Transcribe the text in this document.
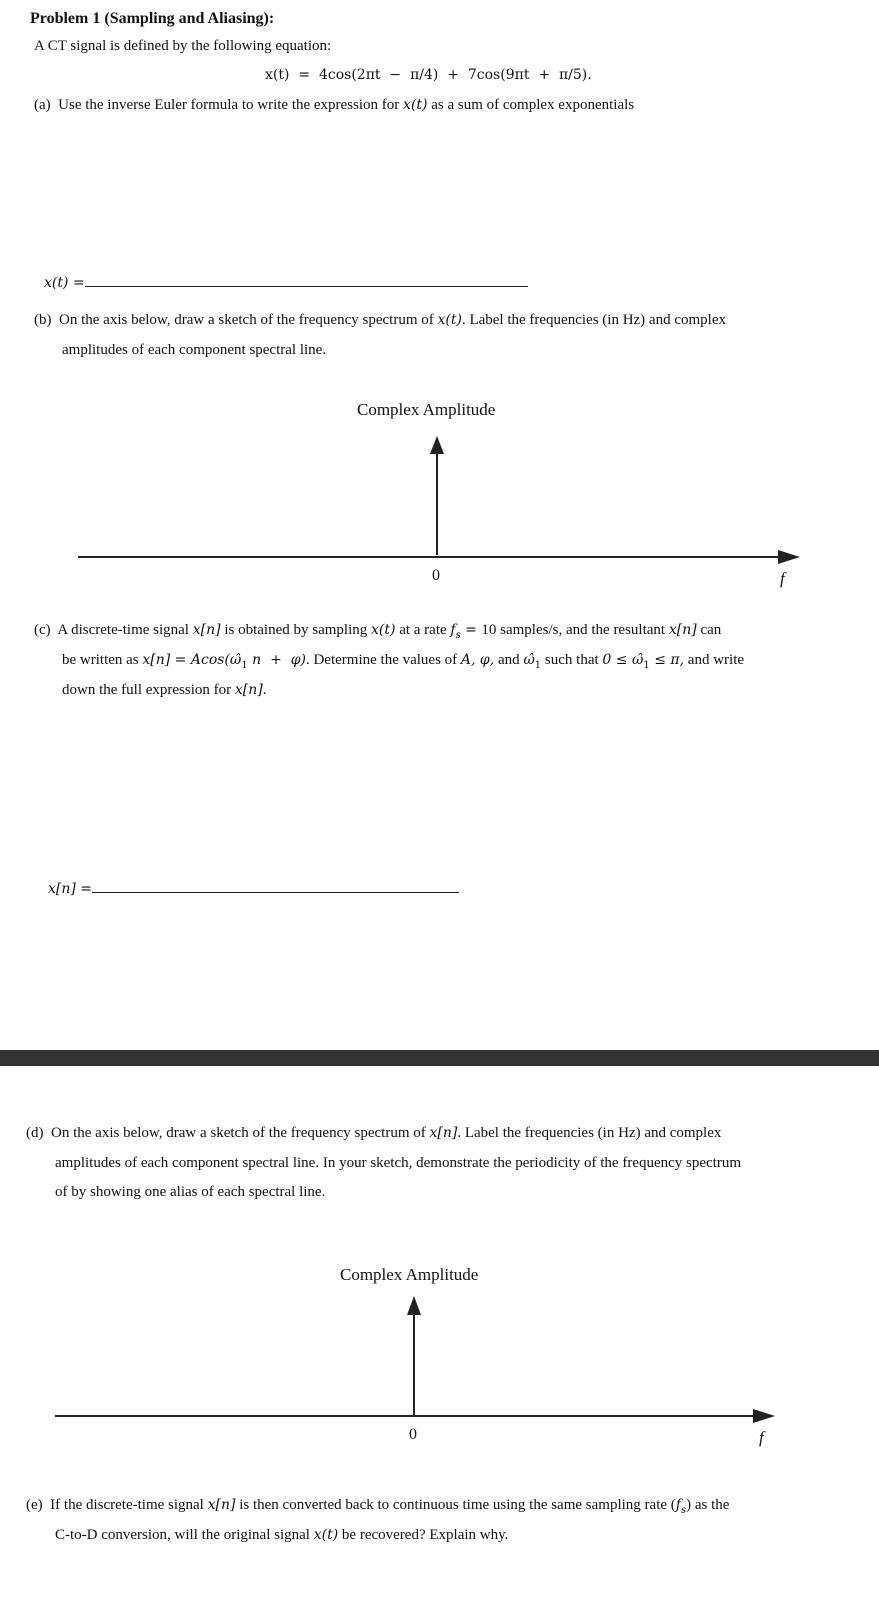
Problem 1 (Sampling and Aliasing):
A CT signal is defined by the following equation:
x(t)  =  4cos(2πt  −  π/4)  +  7cos(9πt  +  π/5).
(a) Use the inverse Euler formula to write the expression for x(t) as a sum of complex exponentials
x(t) =
(b) On the axis below, draw a sketch of the frequency spectrum of x(t). Label the frequencies (in Hz) and complex
amplitudes of each component spectral line.
Complex Amplitude
0	f
(c) A discrete-time signal x[n] is obtained by sampling x(t) at a rate $f_s = 10$ samples/s, and the resultant x[n] can
be written as $x[n] = Acos(\omegâ_1$ n  +  φ). Determine the values of A, φ, and $\omegâ_1$ such that $0 \le \omegâ_1 \le \pi$, and write
down the full expression for x[n].
x[n] =
(d) On the axis below, draw a sketch of the frequency spectrum of x[n]. Label the frequencies (in Hz) and complex
amplitudes of each component spectral line. In your sketch, demonstrate the periodicity of the frequency spectrum
of by showing one alias of each spectral line.
Complex Amplitude
0	f
(e) If the discrete-time signal x[n] is then converted back to continuous time using the same sampling rate $(f_s)$ as the
C-to-D conversion, will the original signal x(t) be recovered? Explain why.
